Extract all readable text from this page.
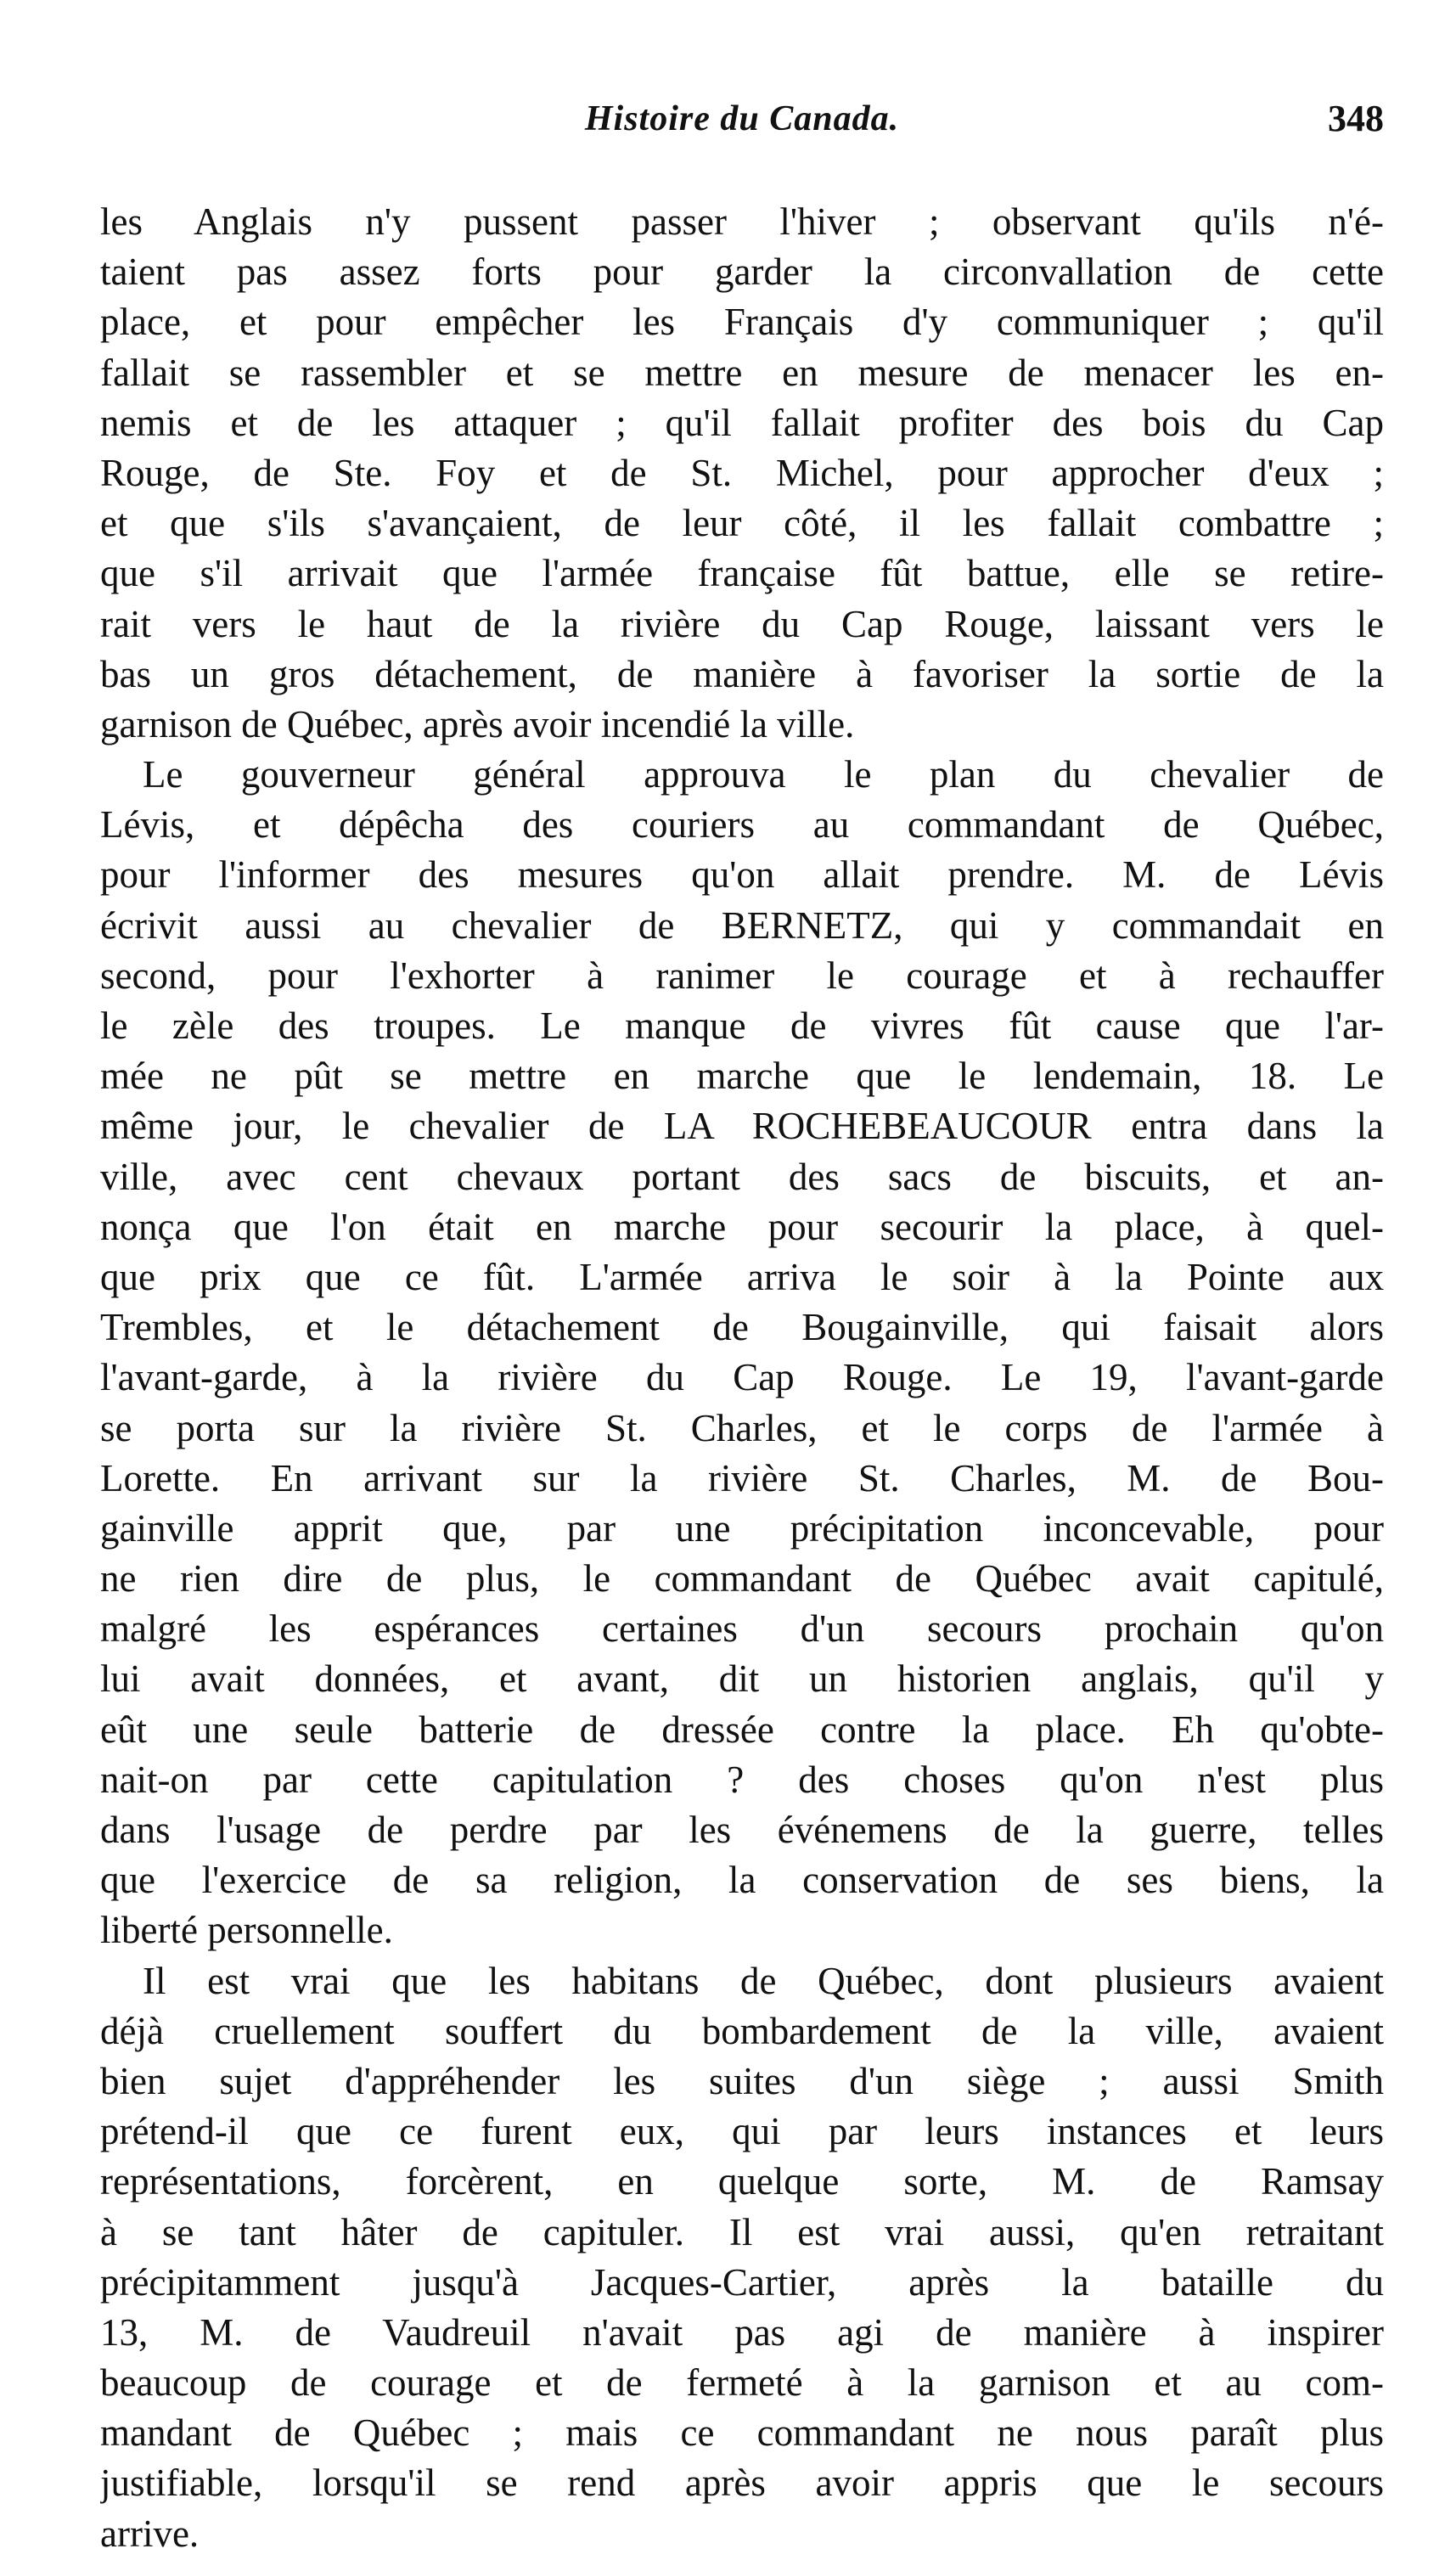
Histoire du Canada.	348
les Anglais n'y pussent passer l'hiver ; observant qu'ils n'é-
taient pas assez forts pour garder la circonvallation de cette
place, et pour empêcher les Français d'y communiquer ; qu'il
fallait se rassembler et se mettre en mesure de menacer les en-
nemis et de les attaquer ; qu'il fallait profiter des bois du Cap
Rouge, de Ste. Foy et de St. Michel, pour approcher d'eux ;
et que s'ils s'avançaient, de leur côté, il les fallait combattre ;
que s'il arrivait que l'armée française fût battue, elle se retire-
rait vers le haut de la rivière du Cap Rouge, laissant vers le
bas un gros détachement, de manière à favoriser la sortie de la
garnison de Québec, après avoir incendié la ville.
Le gouverneur général approuva le plan du chevalier de
Lévis, et dépêcha des couriers au commandant de Québec,
pour l'informer des mesures qu'on allait prendre. M. de Lévis
écrivit aussi au chevalier de BERNETZ, qui y commandait en
second, pour l'exhorter à ranimer le courage et à rechauffer
le zèle des troupes. Le manque de vivres fût cause que l'ar-
mée ne pût se mettre en marche que le lendemain, 18. Le
même jour, le chevalier de LA ROCHEBEAUCOUR entra dans la
ville, avec cent chevaux portant des sacs de biscuits, et an-
nonça que l'on était en marche pour secourir la place, à quel-
que prix que ce fût. L'armée arriva le soir à la Pointe aux
Trembles, et le détachement de Bougainville, qui faisait alors
l'avant-garde, à la rivière du Cap Rouge. Le 19, l'avant-garde
se porta sur la rivière St. Charles, et le corps de l'armée à
Lorette. En arrivant sur la rivière St. Charles, M. de Bou-
gainville apprit que, par une précipitation inconcevable, pour
ne rien dire de plus, le commandant de Québec avait capitulé,
malgré les espérances certaines d'un secours prochain qu'on
lui avait données, et avant, dit un historien anglais, qu'il y
eût une seule batterie de dressée contre la place. Eh qu'obte-
nait-on par cette capitulation ? des choses qu'on n'est plus
dans l'usage de perdre par les événemens de la guerre, telles
que l'exercice de sa religion, la conservation de ses biens, la
liberté personnelle.
Il est vrai que les habitans de Québec, dont plusieurs avaient
déjà cruellement souffert du bombardement de la ville, avaient
bien sujet d'appréhender les suites d'un siège ; aussi Smith
prétend-il que ce furent eux, qui par leurs instances et leurs
représentations, forcèrent, en quelque sorte, M. de Ramsay
à se tant hâter de capituler. Il est vrai aussi, qu'en retraitant
précipitamment jusqu'à Jacques-Cartier, après la bataille du
13, M. de Vaudreuil n'avait pas agi de manière à inspirer
beaucoup de courage et de fermeté à la garnison et au com-
mandant de Québec ; mais ce commandant ne nous paraît plus
justifiable, lorsqu'il se rend après avoir appris que le secours
arrive.
